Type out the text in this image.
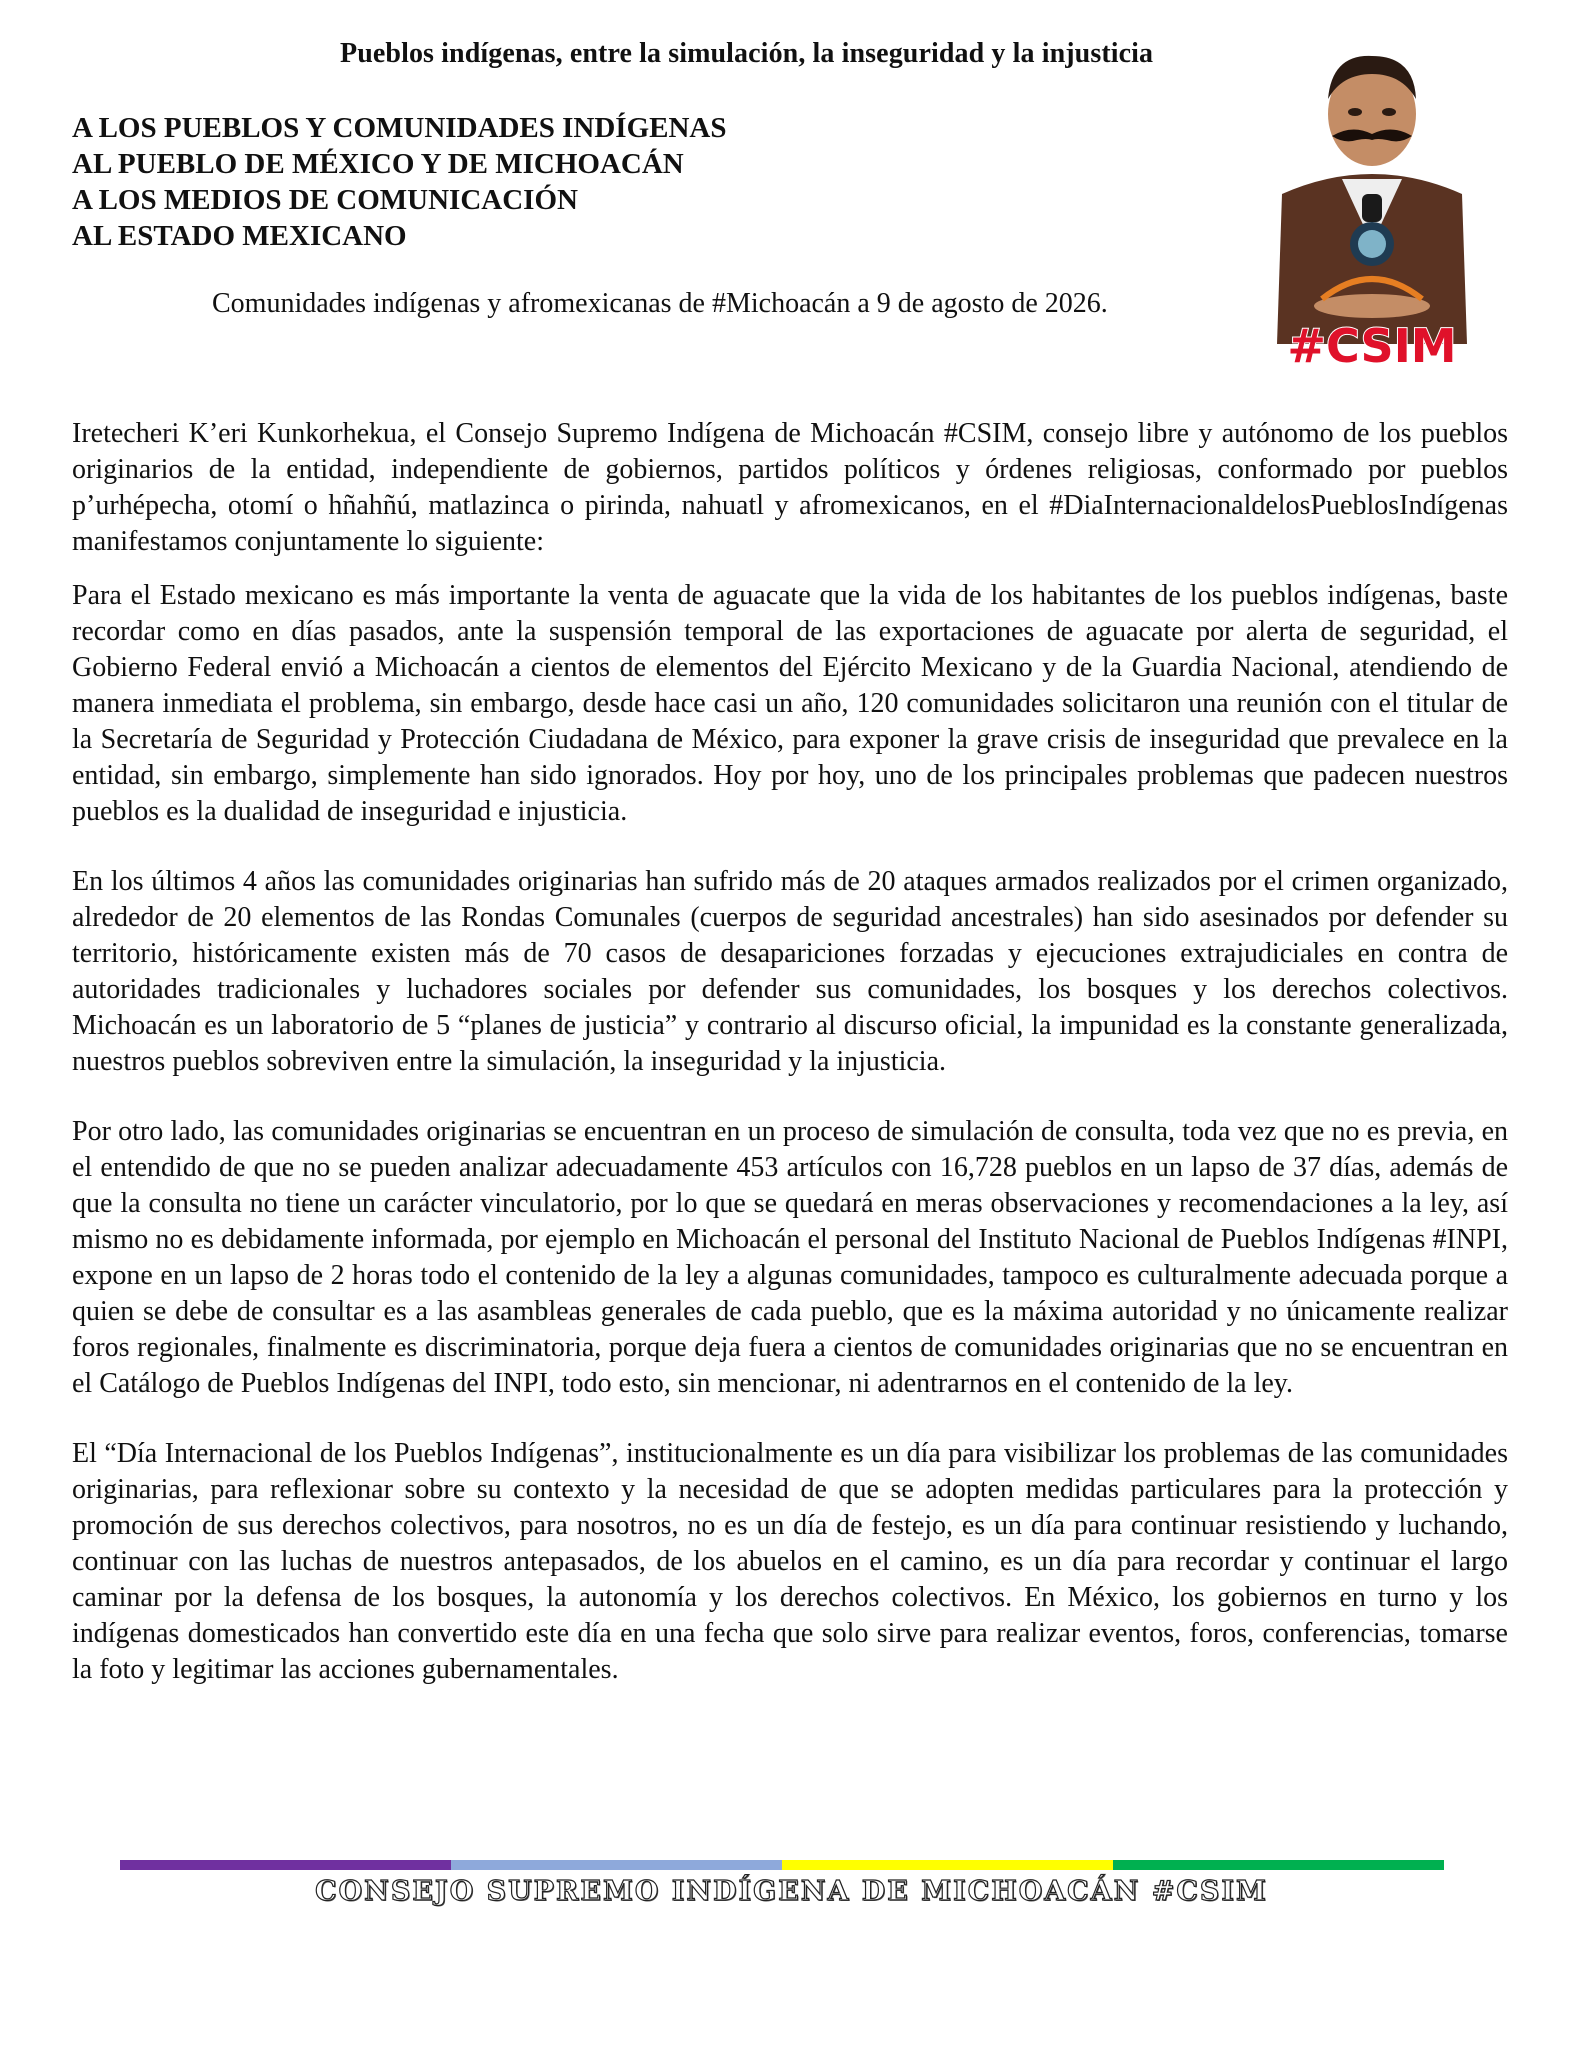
Pueblos indígenas, entre la simulación, la inseguridad y la injusticia
A LOS PUEBLOS Y COMUNIDADES INDÍGENAS
AL PUEBLO DE MÉXICO Y DE MICHOACÁN
A LOS MEDIOS DE COMUNICACIÓN
AL ESTADO MEXICANO
Comunidades indígenas y afromexicanas de #Michoacán a 9 de agosto de 2026.
#CSIM

Iretecheri K’eri Kunkorhekua, el Consejo Supremo Indígena de Michoacán #CSIM, consejo libre y autónomo de los pueblos originarios de la entidad, independiente de gobiernos, partidos políticos y órdenes religiosas, conformado por pueblos p’urhépecha, otomí o hñahñú, matlazinca o pirinda, nahuatl y afromexicanos, en el #DiaInternacionaldelosPueblosIndígenas manifestamos conjuntamente lo siguiente:

Para el Estado mexicano es más importante la venta de aguacate que la vida de los habitantes de los pueblos indígenas, baste recordar como en días pasados, ante la suspensión temporal de las exportaciones de aguacate por alerta de seguridad, el Gobierno Federal envió a Michoacán a cientos de elementos del Ejército Mexicano y de la Guardia Nacional, atendiendo de manera inmediata el problema, sin embargo, desde hace casi un año, 120 comunidades solicitaron una reunión con el titular de la Secretaría de Seguridad y Protección Ciudadana de México, para exponer la grave crisis de inseguridad que prevalece en la entidad, sin embargo, simplemente han sido ignorados. Hoy por hoy, uno de los principales problemas que padecen nuestros pueblos es la dualidad de inseguridad e injusticia.

En los últimos 4 años las comunidades originarias han sufrido más de 20 ataques armados realizados por el crimen organizado, alrededor de 20 elementos de las Rondas Comunales (cuerpos de seguridad ancestrales) han sido asesinados por defender su territorio, históricamente existen más de 70 casos de desapariciones forzadas y ejecuciones extrajudiciales en contra de autoridades tradicionales y luchadores sociales por defender sus comunidades, los bosques y los derechos colectivos. Michoacán es un laboratorio de 5 “planes de justicia” y contrario al discurso oficial, la impunidad es la constante generalizada, nuestros pueblos sobreviven entre la simulación, la inseguridad y la injusticia.

Por otro lado, las comunidades originarias se encuentran en un proceso de simulación de consulta, toda vez que no es previa, en el entendido de que no se pueden analizar adecuadamente 453 artículos con 16,728 pueblos en un lapso de 37 días, además de que la consulta no tiene un carácter vinculatorio, por lo que se quedará en meras observaciones y recomendaciones a la ley, así mismo no es debidamente informada, por ejemplo en Michoacán el personal del Instituto Nacional de Pueblos Indígenas #INPI, expone en un lapso de 2 horas todo el contenido de la ley a algunas comunidades, tampoco es culturalmente adecuada porque a quien se debe de consultar es a las asambleas generales de cada pueblo, que es la máxima autoridad y no únicamente realizar foros regionales, finalmente es discriminatoria, porque deja fuera a cientos de comunidades originarias que no se encuentran en el Catálogo de Pueblos Indígenas del INPI, todo esto, sin mencionar, ni adentrarnos en el contenido de la ley.

El “Día Internacional de los Pueblos Indígenas”, institucionalmente es un día para visibilizar los problemas de las comunidades originarias, para reflexionar sobre su contexto y la necesidad de que se adopten medidas particulares para la protección y promoción de sus derechos colectivos, para nosotros, no es un día de festejo, es un día para continuar resistiendo y luchando, continuar con las luchas de nuestros antepasados, de los abuelos en el camino, es un día para recordar y continuar el largo caminar por la defensa de los bosques, la autonomía y los derechos colectivos. En México, los gobiernos en turno y los indígenas domesticados han convertido este día en una fecha que solo sirve para realizar eventos, foros, conferencias, tomarse la foto y legitimar las acciones gubernamentales.

CONSEJO SUPREMO INDÍGENA DE MICHOACÁN #CSIM
